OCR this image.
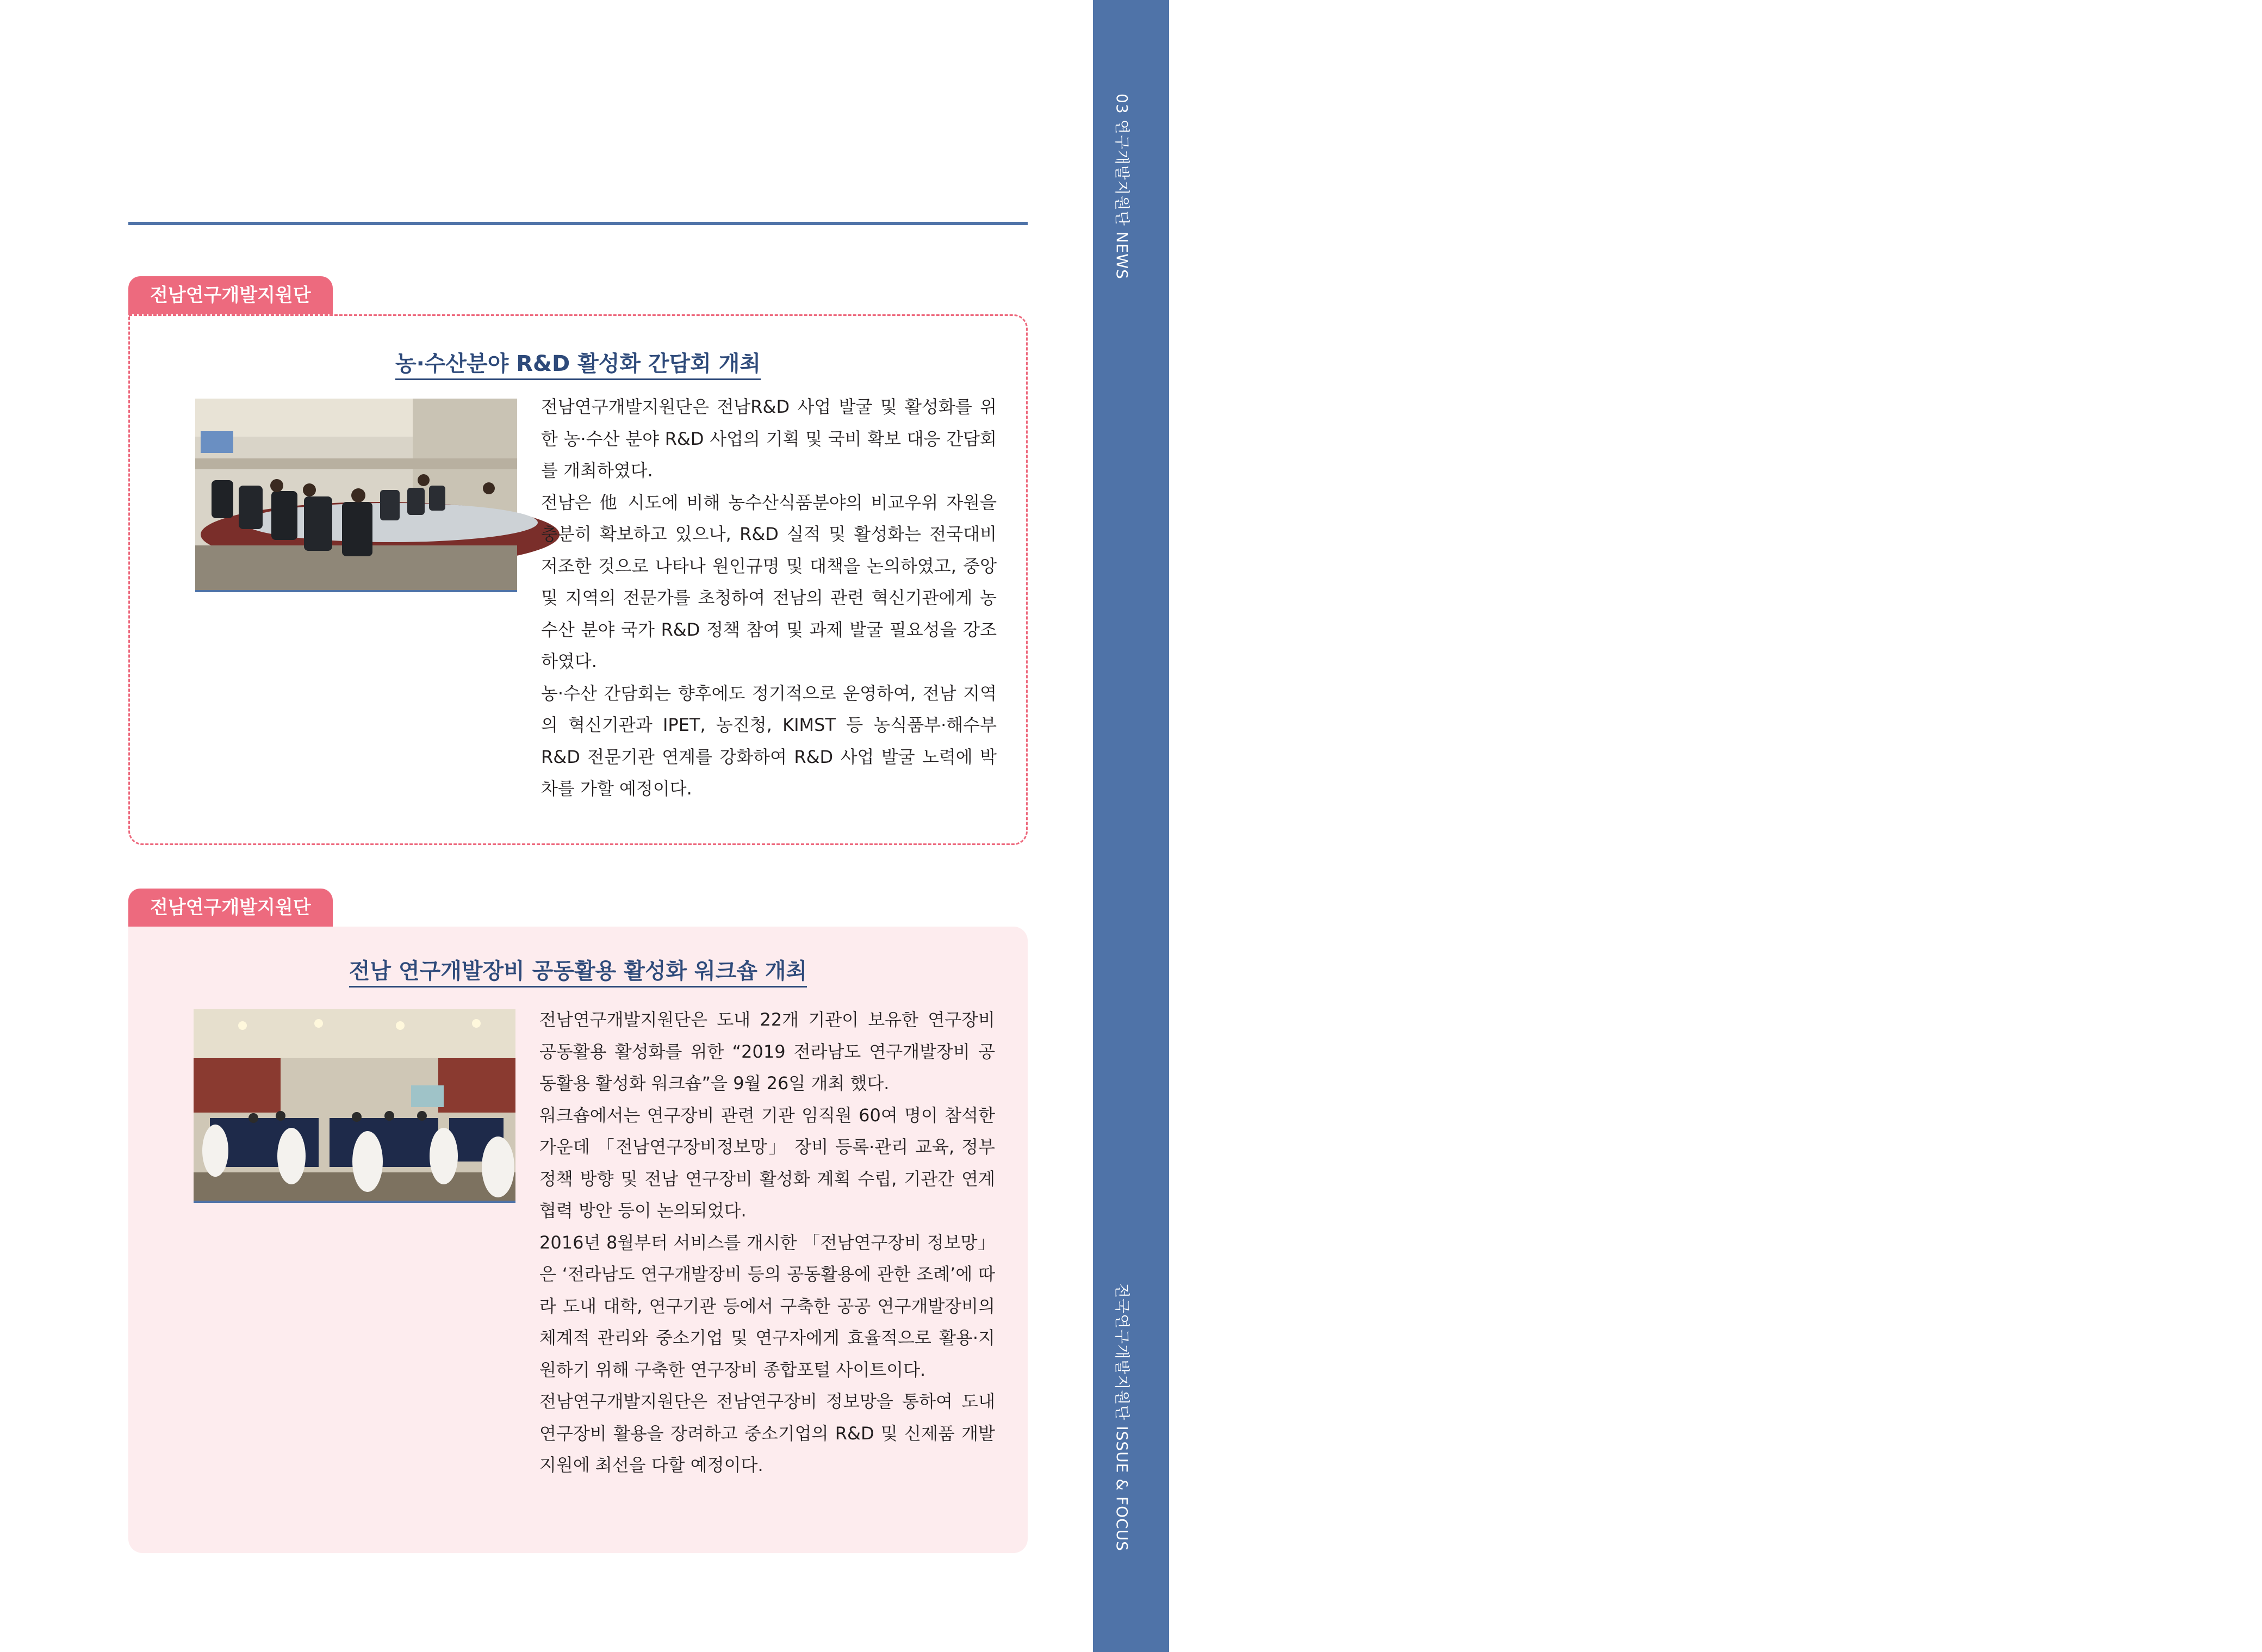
03 연구개발지원단 NEWS
39
전국연구개발지원단 ISSUE & FOCUS
전남연구개발지원단
농·수산분야 R&D 활성화 간담회 개최

전남연구개발지원단은 전남R&D 사업 발굴 및 활성화를 위한 농·수산 분야 R&D 사업의 기획 및 국비 확보 대응 간담회를 개최하였다.

전남은 他 시도에 비해 농수산식품분야의 비교우위 자원을 충분히 확보하고 있으나, R&D 실적 및 활성화는 전국대비 저조한 것으로 나타나 원인규명 및 대책을 논의하였고, 중앙 및 지역의 전문가를 초청하여 전남의 관련 혁신기관에게 농수산 분야 국가 R&D 정책 참여 및 과제 발굴 필요성을 강조하였다.

농·수산 간담회는 향후에도 정기적으로 운영하여, 전남 지역의 혁신기관과 IPET, 농진청, KIMST 등 농식품부·해수부 R&D 전문기관 연계를 강화하여 R&D 사업 발굴 노력에 박차를 가할 예정이다.

전남연구개발지원단
전남 연구개발장비 공동활용 활성화 워크숍 개최

전남연구개발지원단은 도내 22개 기관이 보유한 연구장비 공동활용 활성화를 위한 “2019 전라남도 연구개발장비 공동활용 활성화 워크숍”을 9월 26일 개최 했다.

워크숍에서는 연구장비 관련 기관 임직원 60여 명이 참석한 가운데 「전남연구장비정보망」 장비 등록·관리 교육, 정부 정책 방향 및 전남 연구장비 활성화 계획 수립, 기관간 연계협력 방안 등이 논의되었다.

2016년 8월부터 서비스를 개시한 「전남연구장비 정보망」은 ‘전라남도 연구개발장비 등의 공동활용에 관한 조례’에 따라 도내 대학, 연구기관 등에서 구축한 공공 연구개발장비의 체계적 관리와 중소기업 및 연구자에게 효율적으로 활용·지원하기 위해 구축한 연구장비 종합포털 사이트이다.

전남연구개발지원단은 전남연구장비 정보망을 통하여 도내 연구장비 활용을 장려하고 중소기업의 R&D 및 신제품 개발 지원에 최선을 다할 예정이다.
